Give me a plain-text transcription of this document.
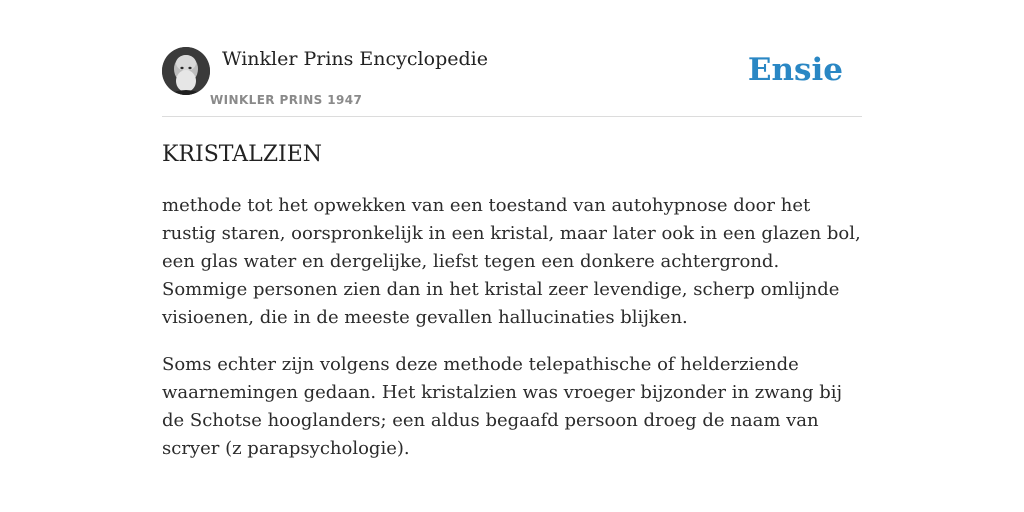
Winkler Prins Encyclopedie
WINKLER PRINS 1947
Ensie
KRISTALZIEN

methode tot het opwekken van een toestand van autohypnose door het rustig staren, oorspronkelijk in een kristal, maar later ook in een glazen bol, een glas water en dergelijke, liefst tegen een donkere achtergrond. Sommige personen zien dan in het kristal zeer levendige, scherp omlijnde visioenen, die in de meeste gevallen hallucinaties blijken.

Soms echter zijn volgens deze methode telepathische of helderziende waarnemingen gedaan. Het kristalzien was vroeger bijzonder in zwang bij de Schotse hooglanders; een aldus begaafd persoon droeg de naam van scryer (z parapsychologie).
